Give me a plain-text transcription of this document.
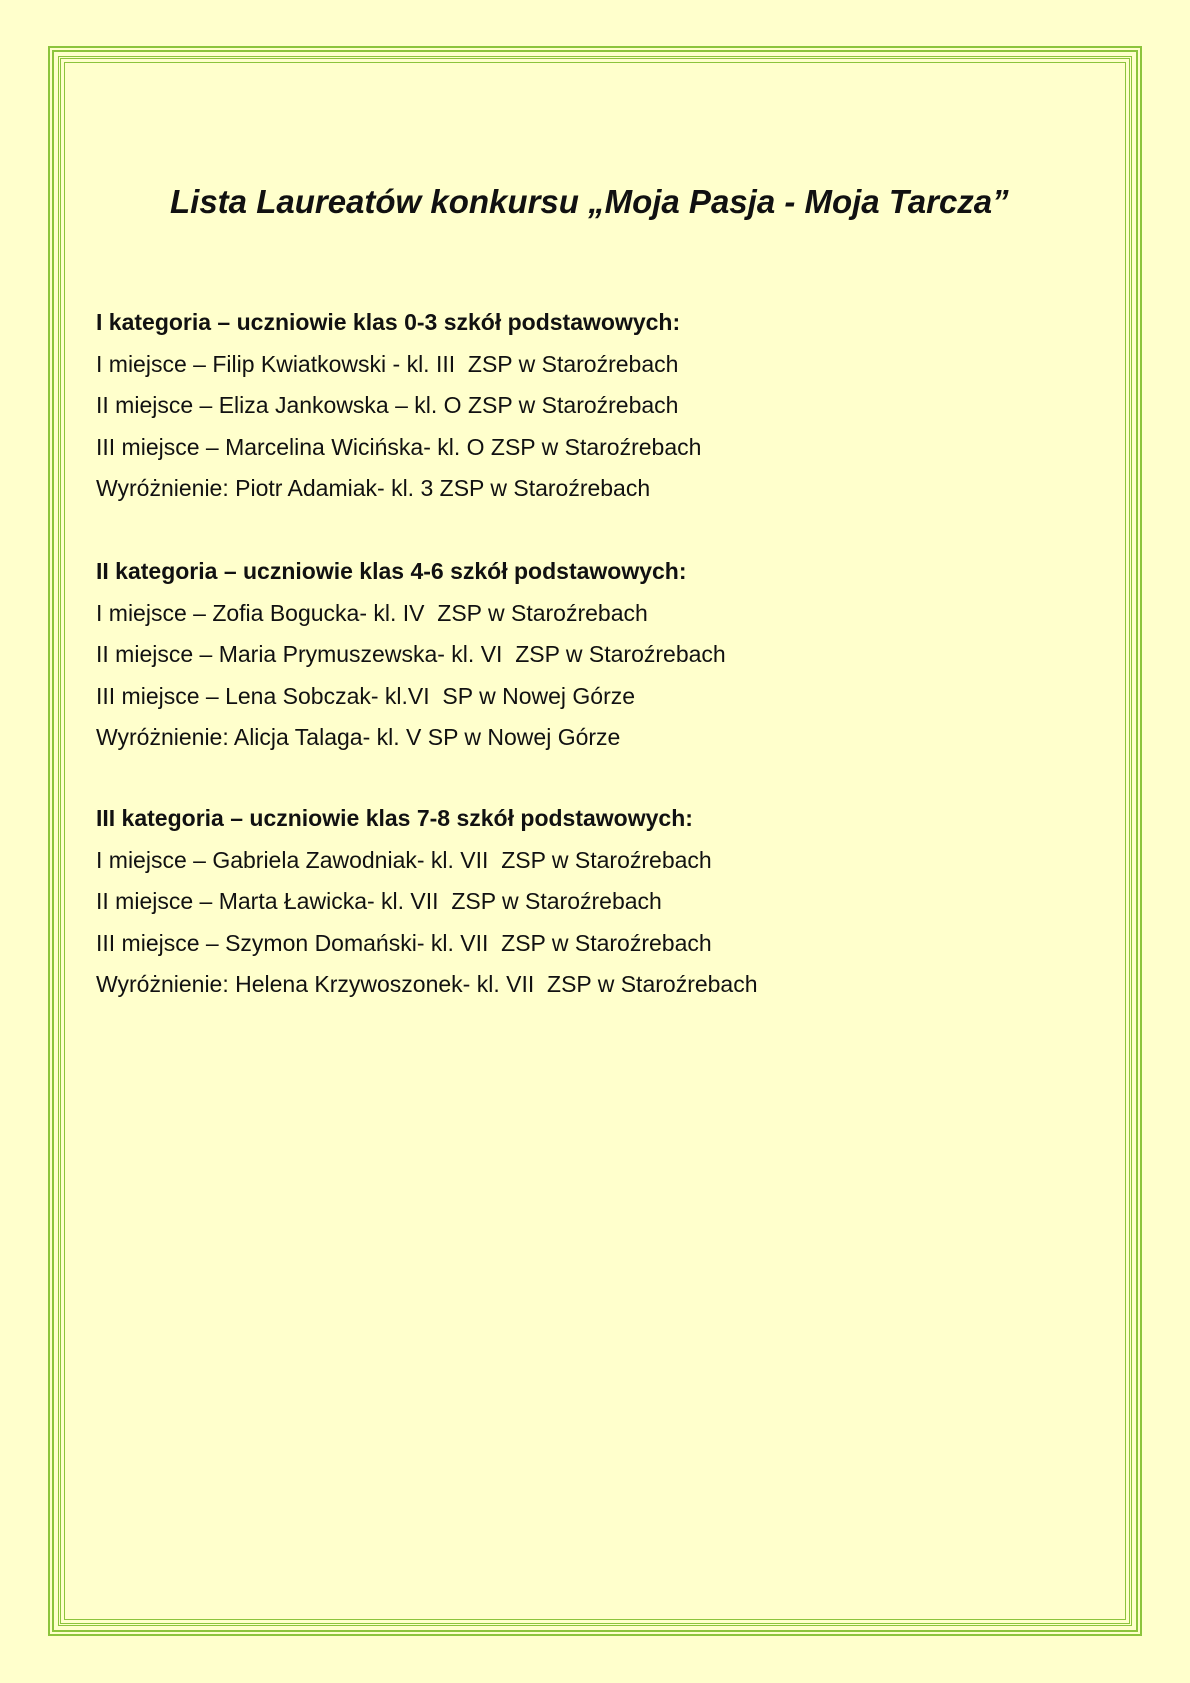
Lista Laureatów konkursu „Moja Pasja - Moja Tarcza”

I kategoria – uczniowie klas 0-3 szkół podstawowych:

I miejsce – Filip Kwiatkowski - kl. III  ZSP w Staroźrebach

II miejsce – Eliza Jankowska – kl. O ZSP w Staroźrebach

III miejsce – Marcelina Wicińska- kl. O ZSP w Staroźrebach

Wyróżnienie: Piotr Adamiak- kl. 3 ZSP w Staroźrebach

II kategoria – uczniowie klas 4-6 szkół podstawowych:

I miejsce – Zofia Bogucka- kl. IV  ZSP w Staroźrebach

II miejsce – Maria Prymuszewska- kl. VI  ZSP w Staroźrebach

III miejsce – Lena Sobczak- kl.VI  SP w Nowej Górze

Wyróżnienie: Alicja Talaga- kl. V SP w Nowej Górze

III kategoria – uczniowie klas 7-8 szkół podstawowych:

I miejsce – Gabriela Zawodniak- kl. VII  ZSP w Staroźrebach

II miejsce – Marta Ławicka- kl. VII  ZSP w Staroźrebach

III miejsce – Szymon Domański- kl. VII  ZSP w Staroźrebach

Wyróżnienie: Helena Krzywoszonek- kl. VII  ZSP w Staroźrebach
